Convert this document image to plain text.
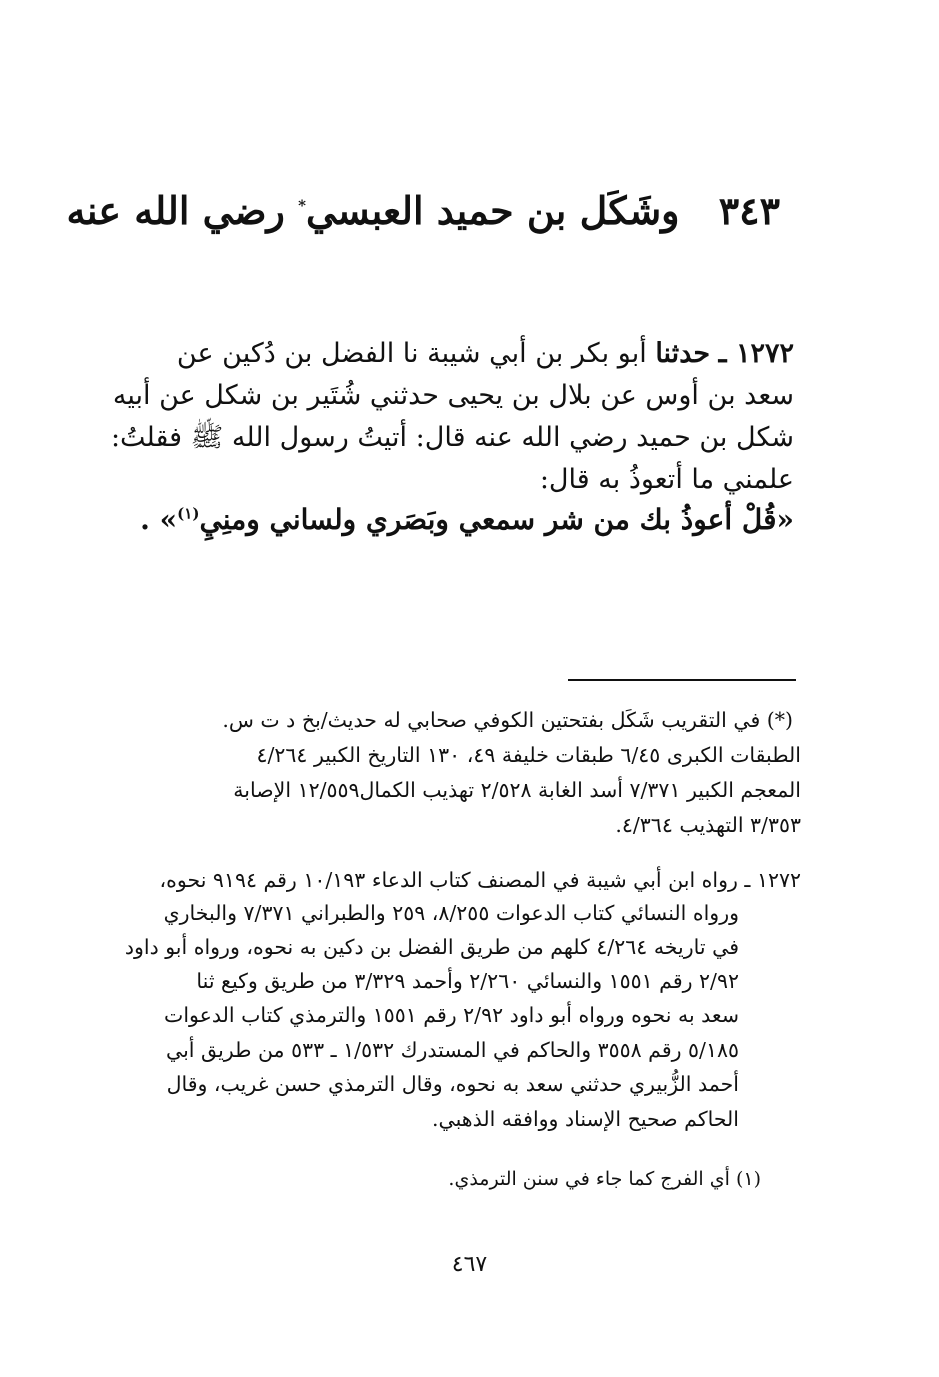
٣٤٣ وشَكَل بن حميد العبسي* رضي الله عنه
١٢٧٢ ـ حدثنا أبو بكر بن أبي شيبة نا الفضل بن دُكين عن
سعد بن أوس عن بلال بن يحيى حدثني شُتَير بن شكل عن أبيه
شكل بن حميد رضي الله عنه قال: أتيتُ رسول الله ﷺ فقلتُ:
علمني ما أتعوذُ به قال:
«قُلْ أعوذُ بك من شر سمعي وبَصَري ولساني ومنِيِ$^{(١)}$» .
(*) في التقريب شَكَل بفتحتين الكوفي صحابي له حديث/بخ د ت س.
الطبقات الكبرى ٦/٤٥ طبقات خليفة ٤٩، ١٣٠ التاريخ الكبير ٤/٢٦٤
المعجم الكبير ٧/٣٧١ أسد الغابة ٢/٥٢٨ تهذيب الكمال١٢/٥٥٩ الإصابة
٣/٣٥٣ التهذيب ٤/٣٦٤.
١٢٧٢ ـ رواه ابن أبي شيبة في المصنف كتاب الدعاء ١٠/١٩٣ رقم ٩١٩٤ نحوه،
ورواه النسائي كتاب الدعوات ٨/٢٥٥، ٢٥٩ والطبراني ٧/٣٧١ والبخاري
في تاريخه ٤/٢٦٤ كلهم من طريق الفضل بن دكين به نحوه، ورواه أبو داود
٢/٩٢ رقم ١٥٥١ والنسائي ٢/٢٦٠ وأحمد ٣/٣٢٩ من طريق وكيع ثنا
سعد به نحوه ورواه أبو داود ٢/٩٢ رقم ١٥٥١ والترمذي كتاب الدعوات
٥/١٨٥ رقم ٣٥٥٨ والحاكم في المستدرك ١/٥٣٢ ـ ٥٣٣ من طريق أبي
أحمد الزُّبيري حدثني سعد به نحوه، وقال الترمذي حسن غريب، وقال
الحاكم صحيح الإسناد ووافقه الذهبي.
(١) أي الفرج كما جاء في سنن الترمذي.
٤٦٧
